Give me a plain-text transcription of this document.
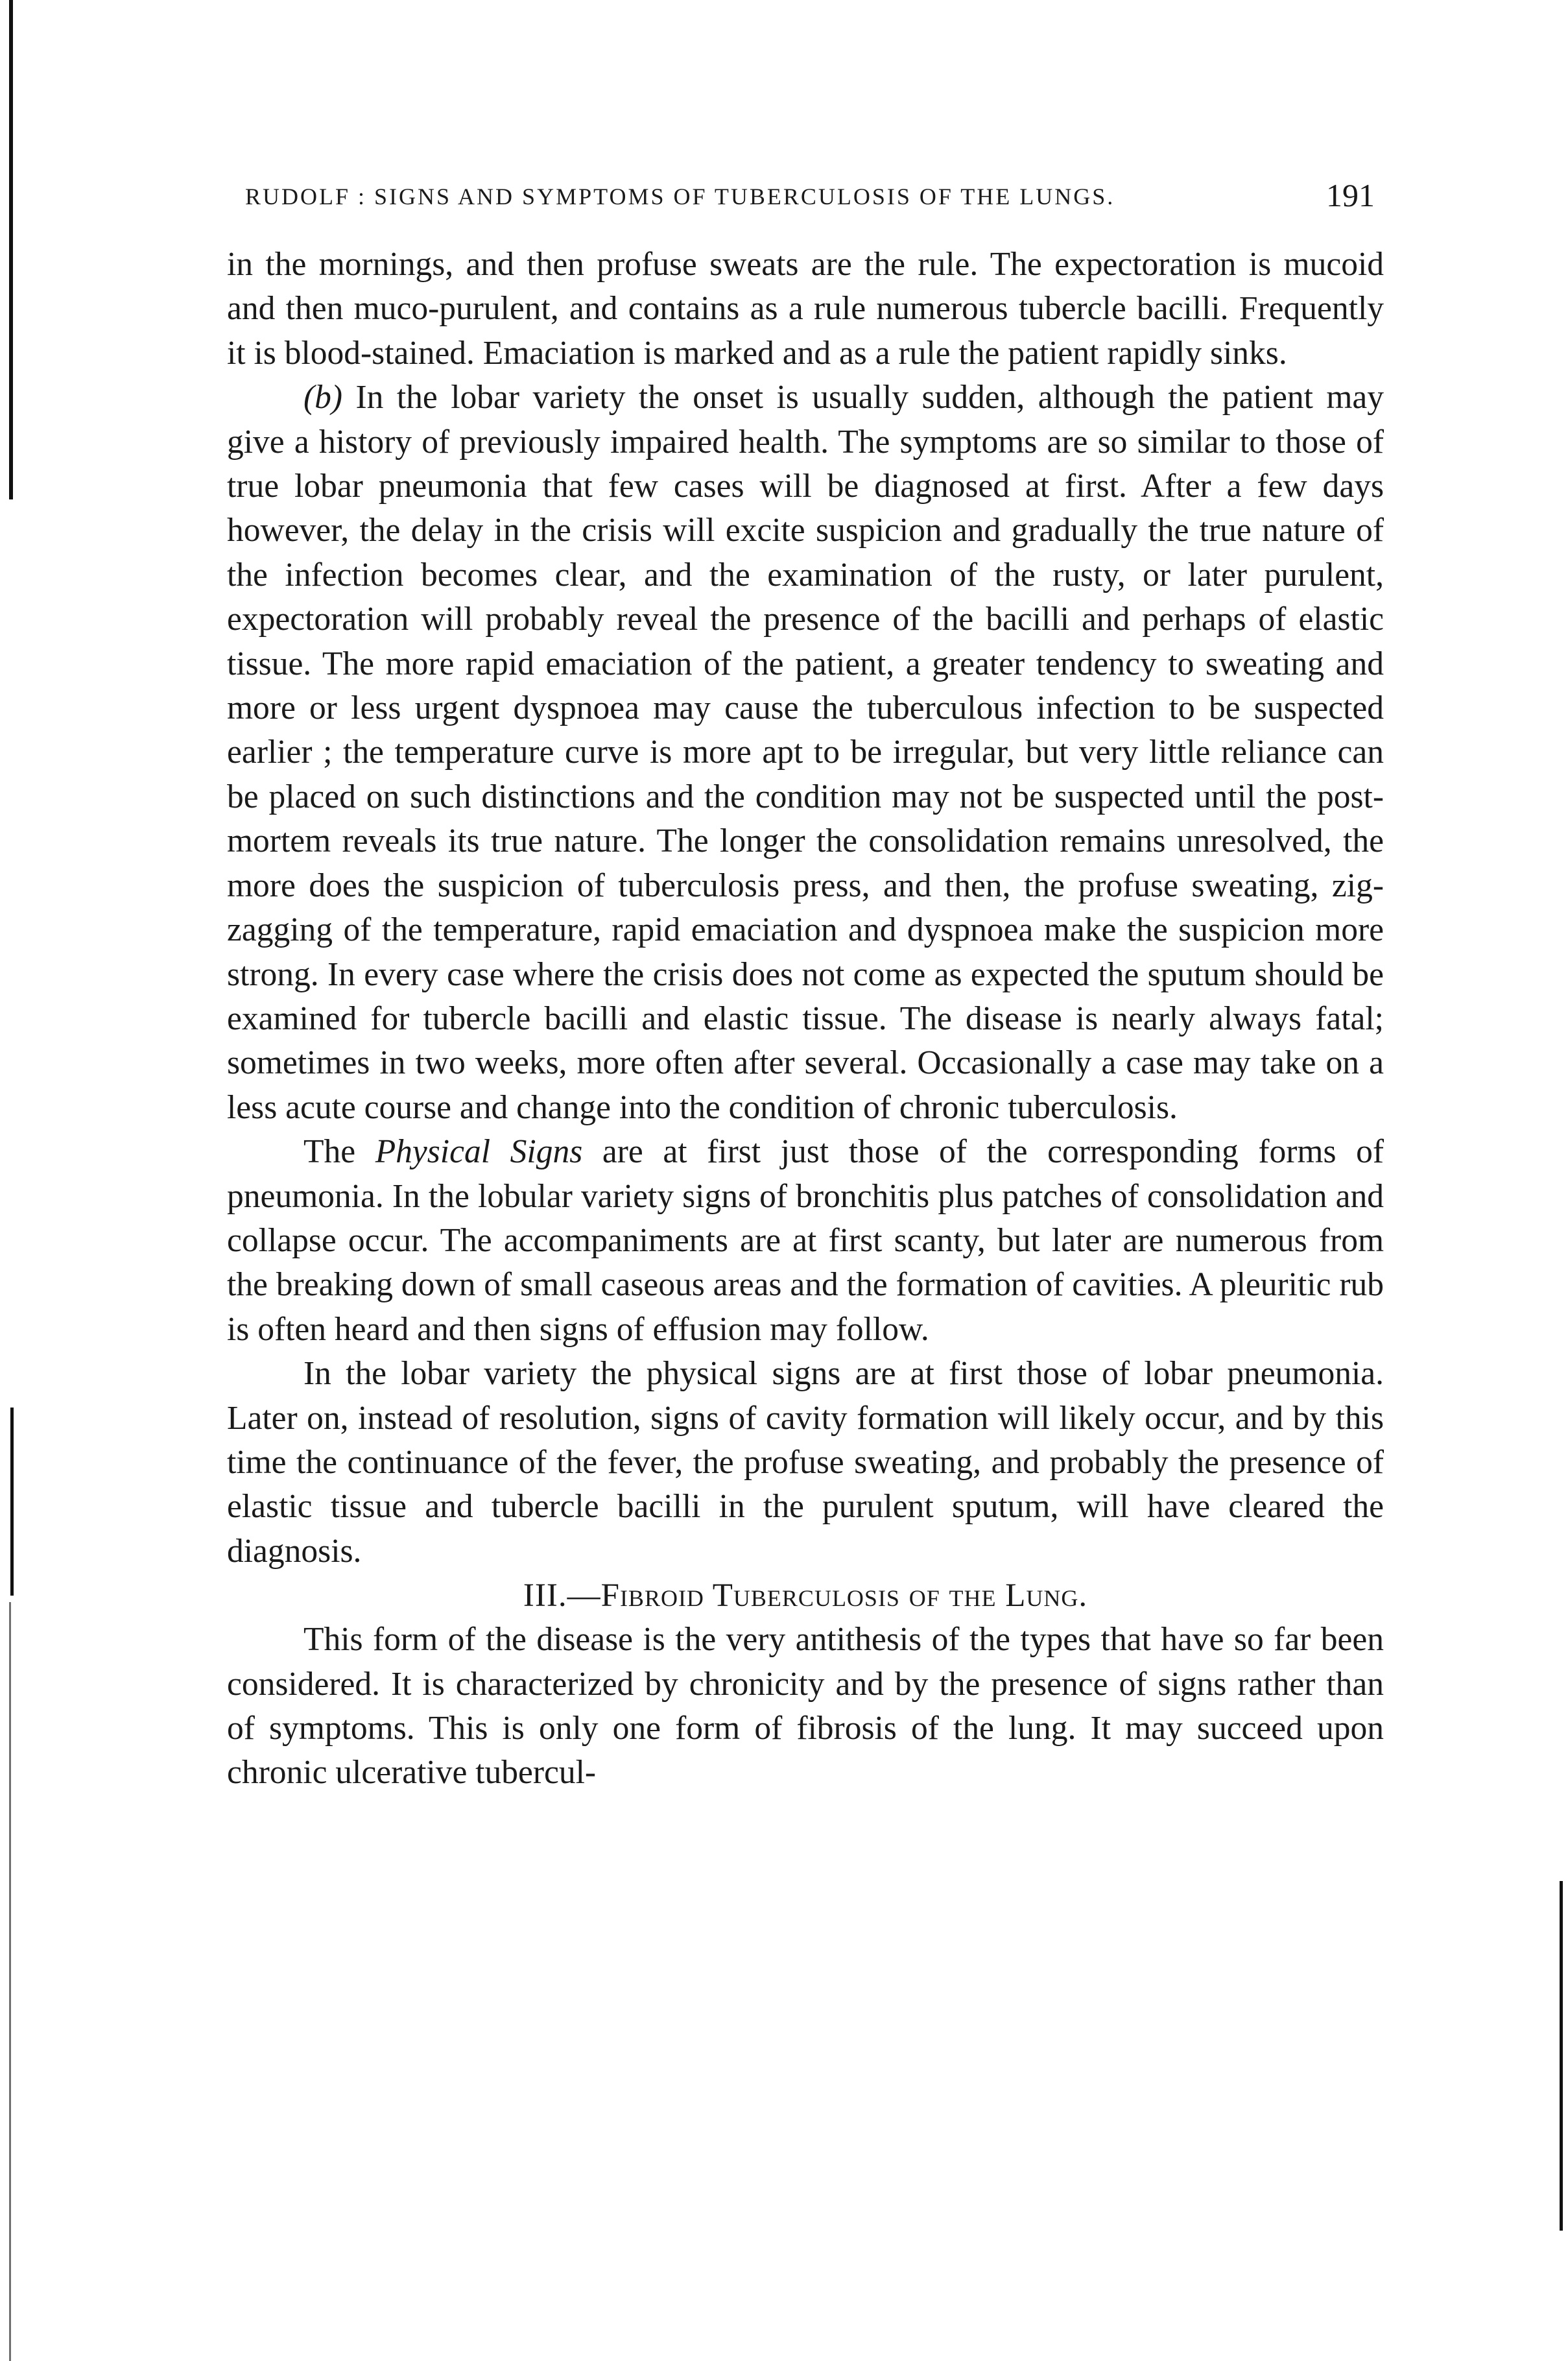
RUDOLF : SIGNS AND SYMPTOMS OF TUBERCULOSIS OF THE LUNGS.	191

in the mornings, and then profuse sweats are the rule. The expectoration is mucoid and then muco-purulent, and contains as a rule numerous tubercle bacilli. Frequently it is blood-stained. Emaciation is marked and as a rule the patient rapidly sinks.

(b) In the lobar variety the onset is usually sudden, although the patient may give a history of previously impaired health. The symptoms are so similar to those of true lobar pneumonia that few cases will be diagnosed at first. After a few days however, the delay in the crisis will excite suspicion and gradually the true nature of the infection becomes clear, and the examination of the rusty, or later purulent, expectoration will probably reveal the presence of the bacilli and perhaps of elastic tissue. The more rapid emaciation of the patient, a greater tendency to sweating and more or less urgent dyspnoea may cause the tuberculous infection to be suspected earlier ; the temperature curve is more apt to be irregular, but very little reliance can be placed on such distinctions and the condition may not be suspected until the post-mortem reveals its true nature. The longer the consolidation remains unresolved, the more does the suspicion of tuberculosis press, and then, the profuse sweating, zigzagging of the temperature, rapid emaciation and dyspnoea make the suspicion more strong. In every case where the crisis does not come as expected the sputum should be examined for tubercle bacilli and elastic tissue. The disease is nearly always fatal; sometimes in two weeks, more often after several. Occasionally a case may take on a less acute course and change into the condition of chronic tuberculosis.

The Physical Signs are at first just those of the corresponding forms of pneumonia. In the lobular variety signs of bronchitis plus patches of consolidation and collapse occur. The accompaniments are at first scanty, but later are numerous from the breaking down of small caseous areas and the formation of cavities. A pleuritic rub is often heard and then signs of effusion may follow.

In the lobar variety the physical signs are at first those of lobar pneumonia. Later on, instead of resolution, signs of cavity formation will likely occur, and by this time the continuance of the fever, the profuse sweating, and probably the presence of elastic tissue and tubercle bacilli in the purulent sputum, will have cleared the diagnosis.

III.—Fibroid Tuberculosis of the Lung.

This form of the disease is the very antithesis of the types that have so far been considered. It is characterized by chronicity and by the presence of signs rather than of symptoms. This is only one form of fibrosis of the lung. It may succeed upon chronic ulcerative tubercul-
